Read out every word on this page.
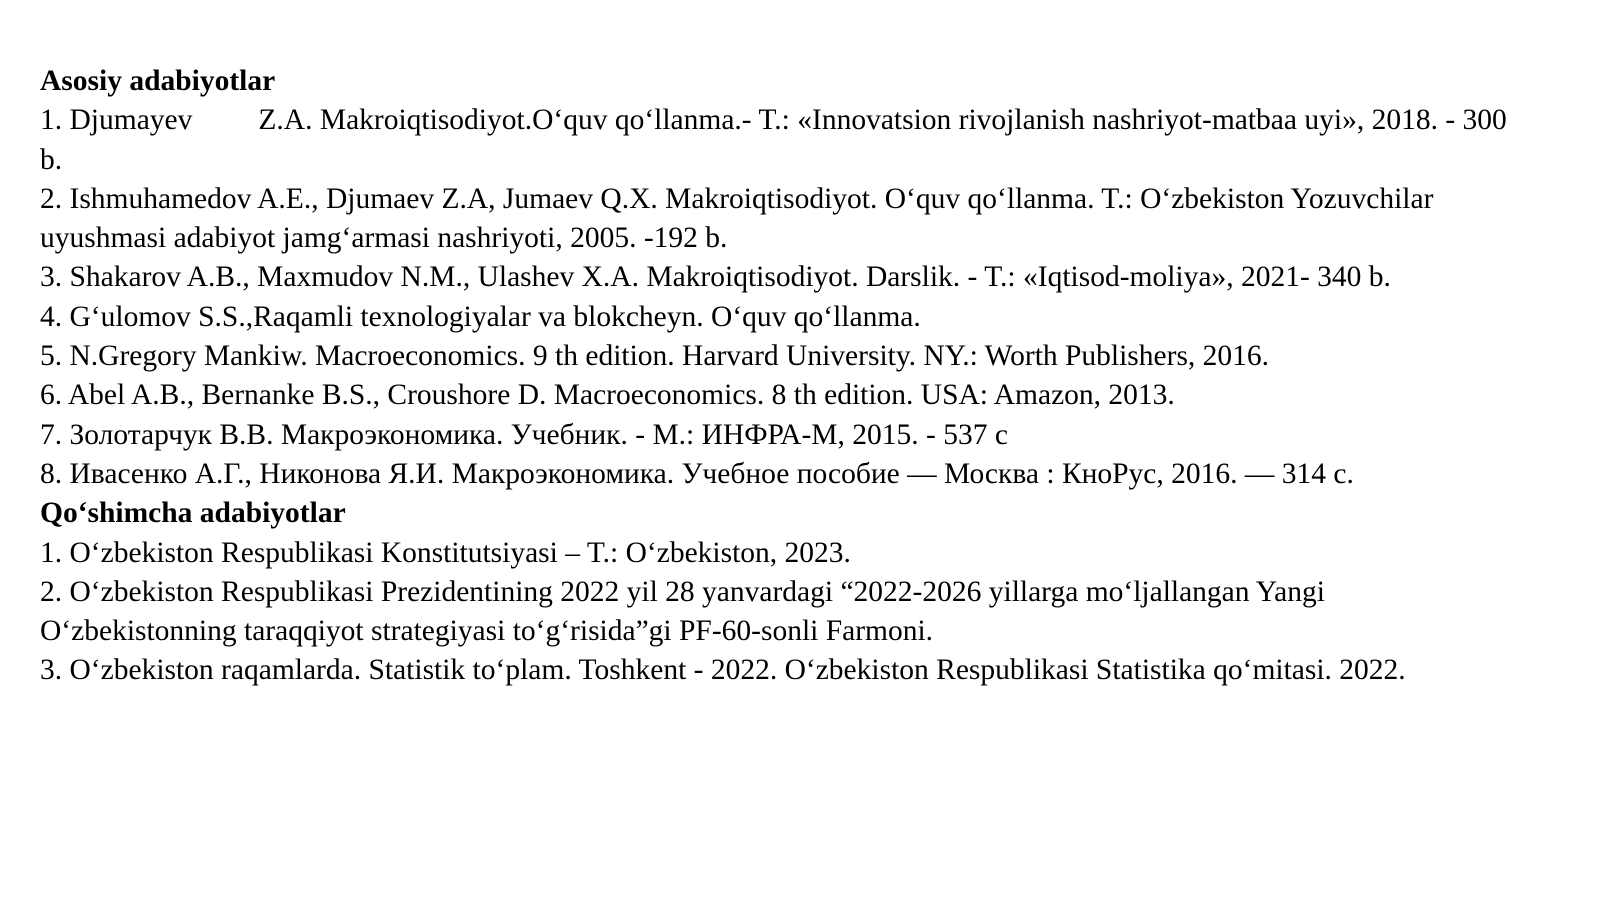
Asosiy adabiyotlar

1. Djumayev Z.A. Makroiqtisodiyot.O‘quv qo‘llanma.- T.: «Innovatsion rivojlanish nashriyot-matbaa uyi», 2018. - 300 b.

2. Ishmuhamedov A.E., Djumaev Z.A, Jumaev Q.X. Makroiqtisodiyot. O‘quv qo‘llanma. T.: O‘zbekiston Yozuvchilar uyushmasi adabiyot jamg‘armasi nashriyoti, 2005. -192 b.

3. Shakarov A.B., Maxmudov N.M., Ulashev X.A. Makroiqtisodiyot. Darslik. - T.: «Iqtisod-moliya», 2021- 340 b.

4. G‘ulomov S.S.,Raqamli texnologiyalar va blokcheyn. O‘quv qo‘llanma.

5. N.Gregory Mankiw. Macroeconomics. 9 th edition. Harvard University. NY.: Worth Publishers, 2016.

6. Abel A.B., Bernanke B.S., Croushore D. Macroeconomics. 8 th edition. USA: Amazon, 2013.

7. Золотарчук В.В. Макроэкономика. Учебник. - М.: ИНФРА-М, 2015. - 537 с

8. Ивасенко А.Г., Никонова Я.И. Макроэкономика. Учебное пособие — Москва : КноРус, 2016. — 314 с.

Qo‘shimcha adabiyotlar

1. O‘zbekiston Respublikasi Konstitutsiyasi – T.: O‘zbekiston, 2023.

2. O‘zbekiston Respublikasi Prezidentining 2022 yil 28 yanvardagi “2022-2026 yillarga mo‘ljallangan Yangi O‘zbekistonning taraqqiyot strategiyasi to‘g‘risida”gi PF-60-sonli Farmoni.

3. O‘zbekiston raqamlarda. Statistik to‘plam. Toshkent - 2022. O‘zbekiston Respublikasi Statistika qo‘mitasi. 2022.
